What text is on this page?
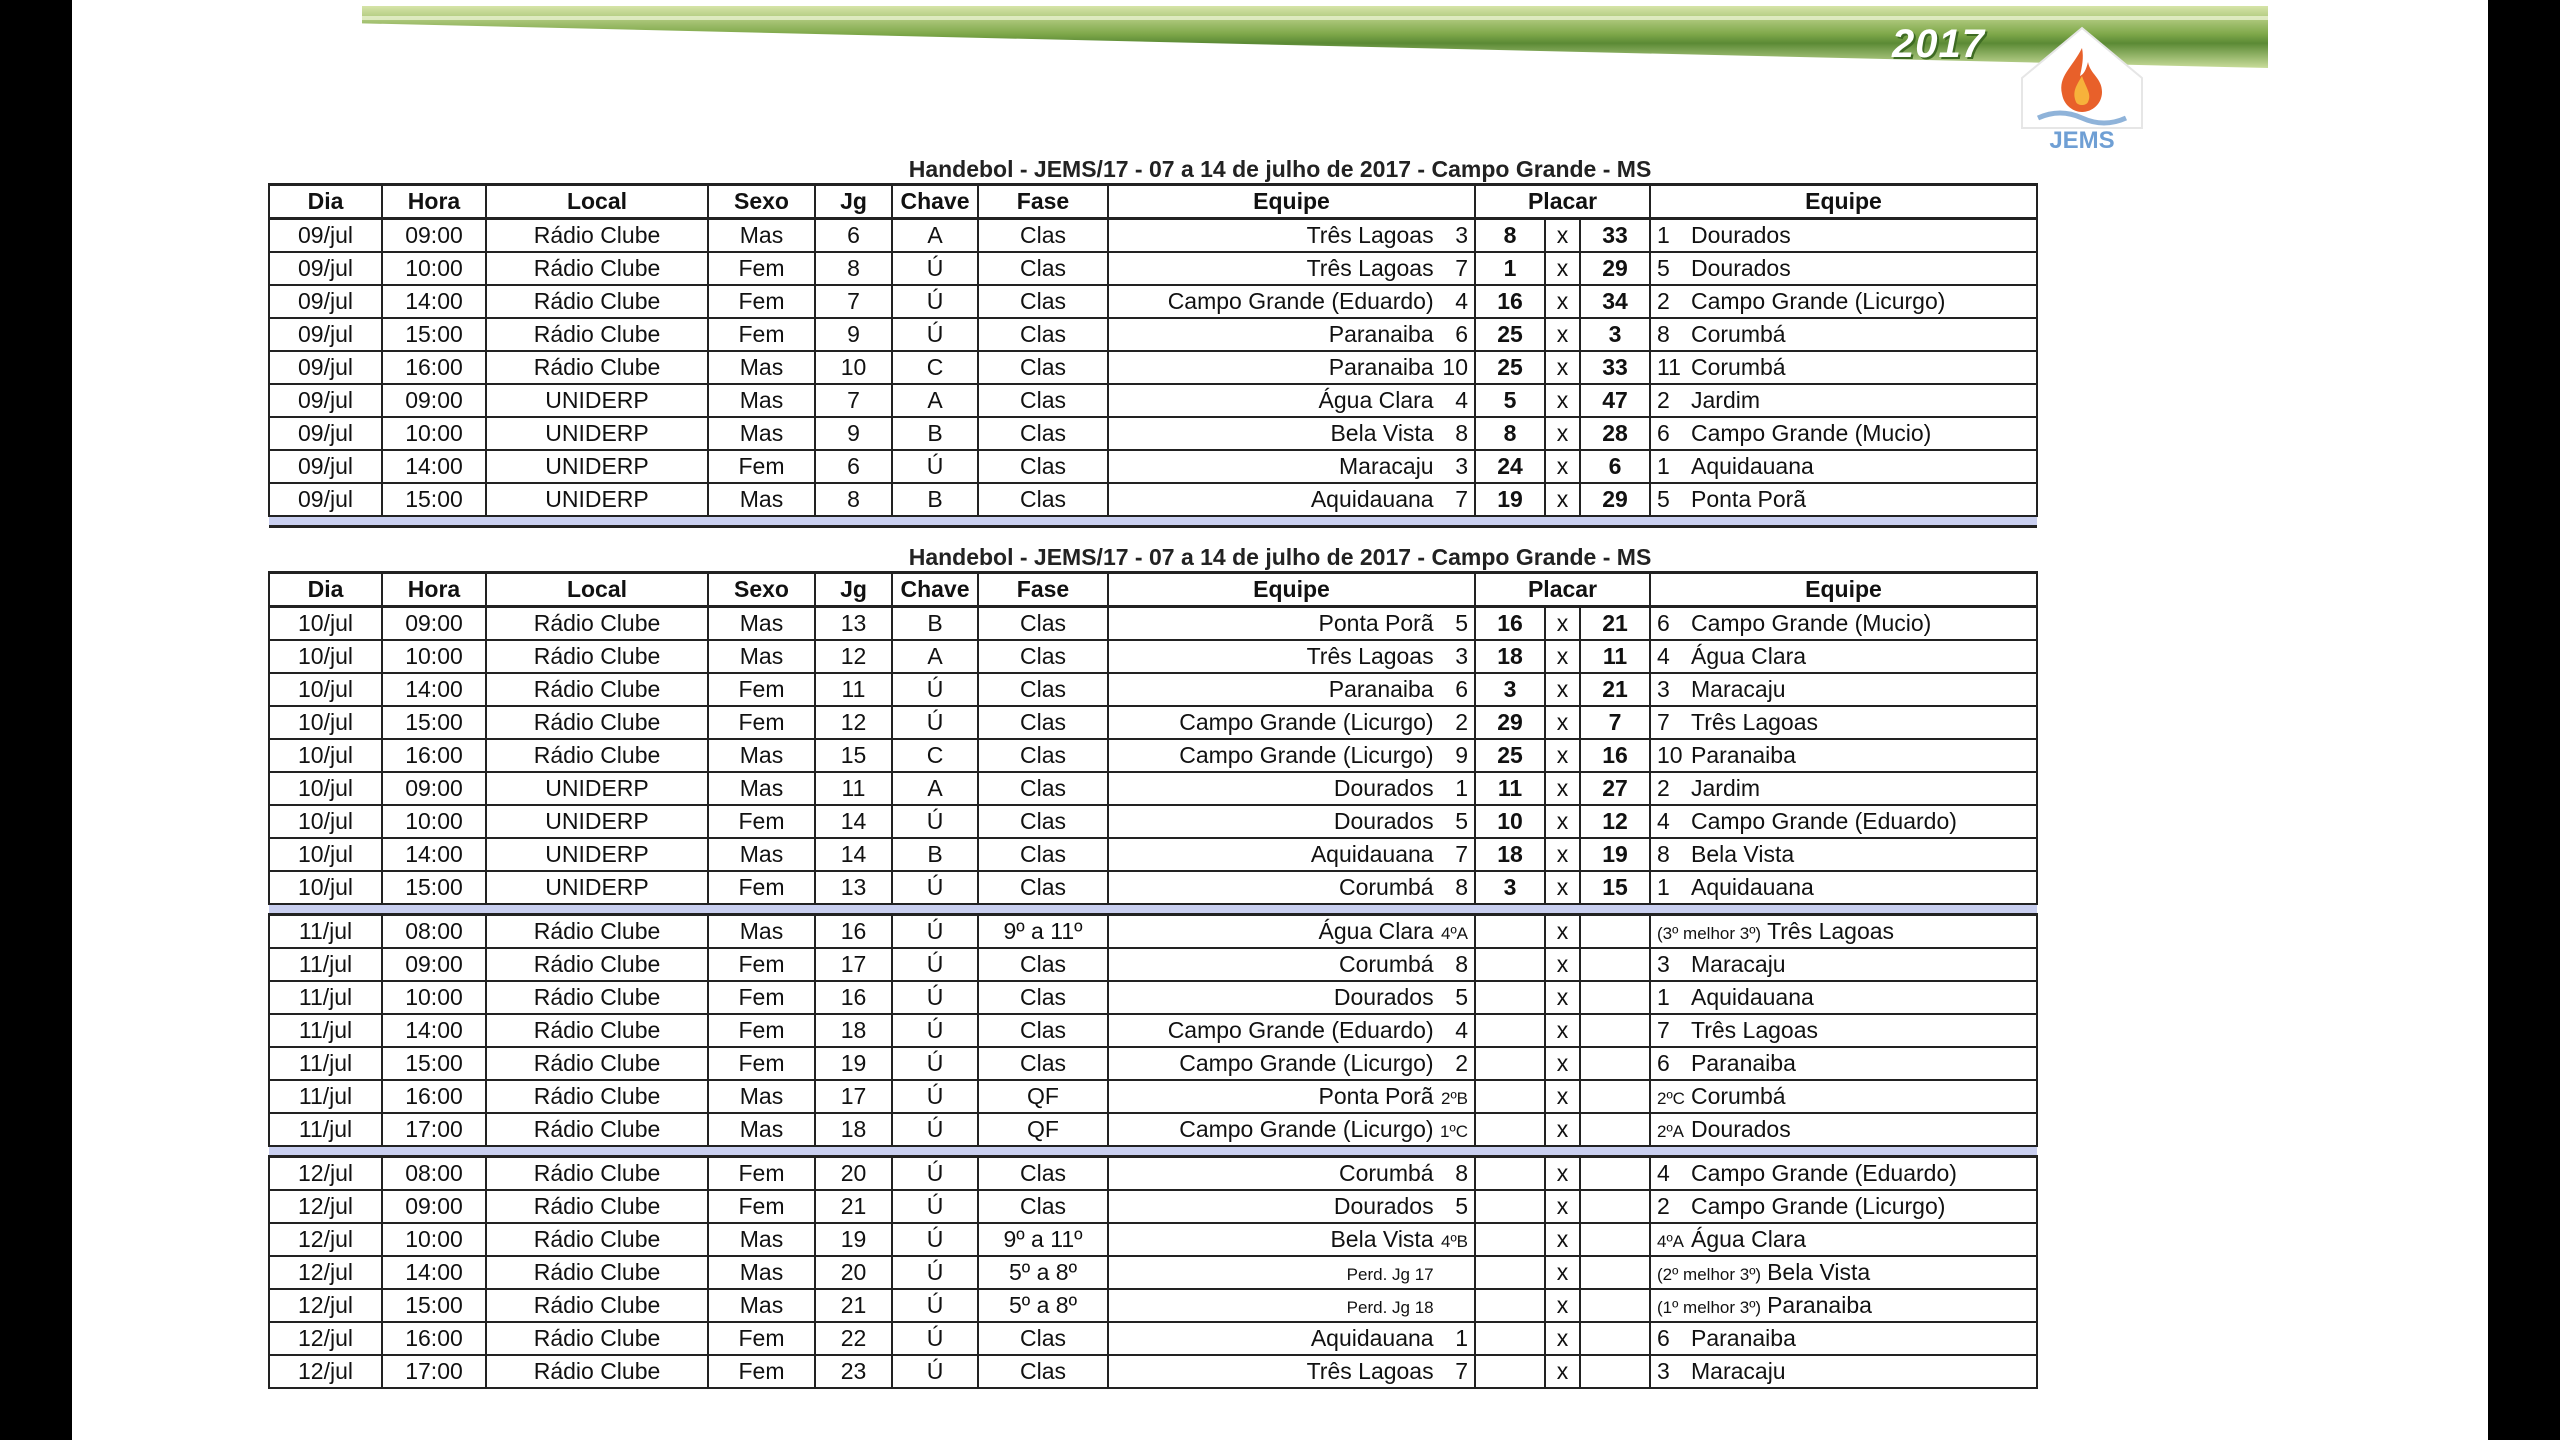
2017
JEMS
Handebol - JEMS/17 - 07 a 14 de julho de 2017 - Campo Grande - MS
Dia	Hora	Local	Sexo	Jg	Chave	Fase	Equipe	Placar			Equipe
09/jul	09:00	Rádio Clube	Mas	6	A	Clas	Três Lagoas 3	8	x	33	1 Dourados
09/jul	10:00	Rádio Clube	Fem	8	Ú	Clas	Três Lagoas 7	1	x	29	5 Dourados
09/jul	14:00	Rádio Clube	Fem	7	Ú	Clas	Campo Grande (Eduardo) 4	16	x	34	2 Campo Grande (Licurgo)
09/jul	15:00	Rádio Clube	Fem	9	Ú	Clas	Paranaiba 6	25	x	3	8 Corumbá
09/jul	16:00	Rádio Clube	Mas	10	C	Clas	Paranaiba 10	25	x	33	11 Corumbá
09/jul	09:00	UNIDERP	Mas	7	A	Clas	Água Clara 4	5	x	47	2 Jardim
09/jul	10:00	UNIDERP	Mas	9	B	Clas	Bela Vista 8	8	x	28	6 Campo Grande (Mucio)
09/jul	14:00	UNIDERP	Fem	6	Ú	Clas	Maracaju 3	24	x	6	1 Aquidauana
09/jul	15:00	UNIDERP	Mas	8	B	Clas	Aquidauana 7	19	x	29	5 Ponta Porã

Handebol - JEMS/17 - 07 a 14 de julho de 2017 - Campo Grande - MS
Dia	Hora	Local	Sexo	Jg	Chave	Fase	Equipe	Placar			Equipe
10/jul	09:00	Rádio Clube	Mas	13	B	Clas	Ponta Porã 5	16	x	21	6 Campo Grande (Mucio)
10/jul	10:00	Rádio Clube	Mas	12	A	Clas	Três Lagoas 3	18	x	11	4 Água Clara
10/jul	14:00	Rádio Clube	Fem	11	Ú	Clas	Paranaiba 6	3	x	21	3 Maracaju
10/jul	15:00	Rádio Clube	Fem	12	Ú	Clas	Campo Grande (Licurgo) 2	29	x	7	7 Três Lagoas
10/jul	16:00	Rádio Clube	Mas	15	C	Clas	Campo Grande (Licurgo) 9	25	x	16	10 Paranaiba
10/jul	09:00	UNIDERP	Mas	11	A	Clas	Dourados 1	11	x	27	2 Jardim
10/jul	10:00	UNIDERP	Fem	14	Ú	Clas	Dourados 5	10	x	12	4 Campo Grande (Eduardo)
10/jul	14:00	UNIDERP	Mas	14	B	Clas	Aquidauana 7	18	x	19	8 Bela Vista
10/jul	15:00	UNIDERP	Fem	13	Ú	Clas	Corumbá 8	3	x	15	1 Aquidauana

11/jul	08:00	Rádio Clube	Mas	16	Ú	9º a 11º	Água Clara 4ºA		x		(3º melhor 3º) Três Lagoas
11/jul	09:00	Rádio Clube	Fem	17	Ú	Clas	Corumbá 8		x		3 Maracaju
11/jul	10:00	Rádio Clube	Fem	16	Ú	Clas	Dourados 5		x		1 Aquidauana
11/jul	14:00	Rádio Clube	Fem	18	Ú	Clas	Campo Grande (Eduardo) 4		x		7 Três Lagoas
11/jul	15:00	Rádio Clube	Fem	19	Ú	Clas	Campo Grande (Licurgo) 2		x		6 Paranaiba
11/jul	16:00	Rádio Clube	Mas	17	Ú	QF	Ponta Porã 2ºB		x		2ºC Corumbá
11/jul	17:00	Rádio Clube	Mas	18	Ú	QF	Campo Grande (Licurgo) 1ºC		x		2ºA Dourados

12/jul	08:00	Rádio Clube	Fem	20	Ú	Clas	Corumbá 8		x		4 Campo Grande (Eduardo)
12/jul	09:00	Rádio Clube	Fem	21	Ú	Clas	Dourados 5		x		2 Campo Grande (Licurgo)
12/jul	10:00	Rádio Clube	Mas	19	Ú	9º a 11º	Bela Vista 4ºB		x		4ºA Água Clara
12/jul	14:00	Rádio Clube	Mas	20	Ú	5º a 8º	Perd. Jg 17		x		(2º melhor 3º) Bela Vista
12/jul	15:00	Rádio Clube	Mas	21	Ú	5º a 8º	Perd. Jg 18		x		(1º melhor 3º) Paranaiba
12/jul	16:00	Rádio Clube	Fem	22	Ú	Clas	Aquidauana 1		x		6 Paranaiba
12/jul	17:00	Rádio Clube	Fem	23	Ú	Clas	Três Lagoas 7		x		3 Maracaju
